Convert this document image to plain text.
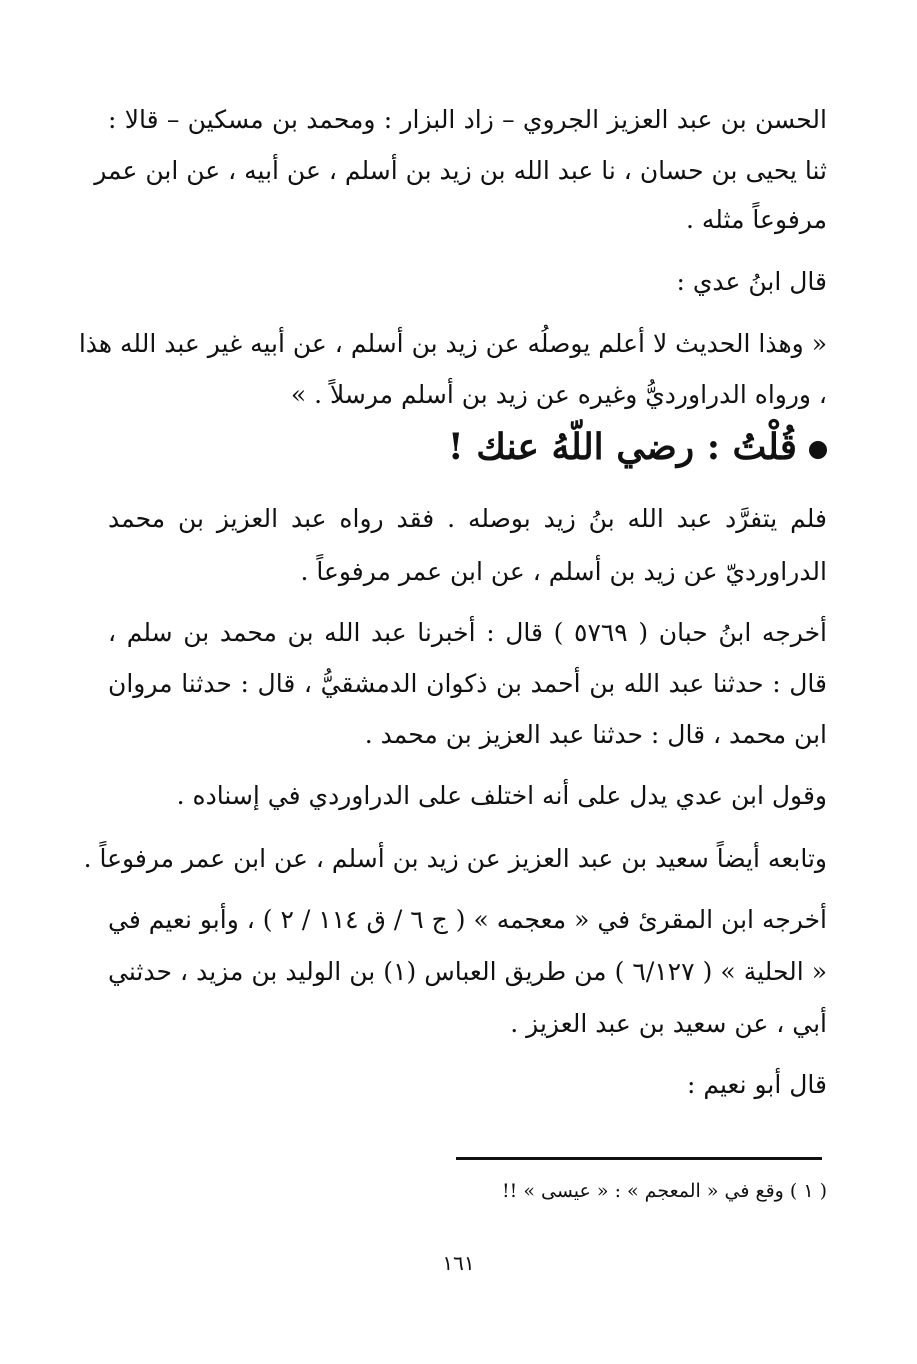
الحسن بن عبد العزيز الجروي – زاد البزار : ومحمد بن مسكين – قالا :
ثنا يحيى بن حسان ، نا عبد الله بن زيد بن أسلم ، عن أبيه ، عن ابن عمر
مرفوعاً مثله .
قال ابنُ عدي :
« وهذا الحديث لا أعلم يوصلُه عن زيد بن أسلم ، عن أبيه غير عبد الله هذا
، ورواه الدراورديُّ وغيره عن زيد بن أسلم مرسلاً . »
قُلْتُ : رضي اللّهُ عنك !
فلم يتفرَّد عبد الله بنُ زيد بوصله . فقد رواه عبد العزيز بن محمد
الدراورديّ عن زيد بن أسلم ، عن ابن عمر مرفوعاً .
أخرجه ابنُ حبان ( ٥٧٦٩ ) قال : أخبرنا عبد الله بن محمد بن سلم ،
قال : حدثنا عبد الله بن أحمد بن ذكوان الدمشقيُّ ، قال : حدثنا مروان
ابن محمد ، قال : حدثنا عبد العزيز بن محمد .
وقول ابن عدي يدل على أنه اختلف على الدراوردي في إسناده .
وتابعه أيضاً سعيد بن عبد العزيز عن زيد بن أسلم ، عن ابن عمر مرفوعاً .
أخرجه ابن المقرئ في « معجمه » ( ج ٦ / ق ١١٤ / ٢ ) ، وأبو نعيم في
« الحلية » ( ٦/١٢٧ ) من طريق العباس (١) بن الوليد بن مزيد ، حدثني
أبي ، عن سعيد بن عبد العزيز .
قال أبو نعيم :
( ١ ) وقع في « المعجم » : « عيسى » !!
١٦١
